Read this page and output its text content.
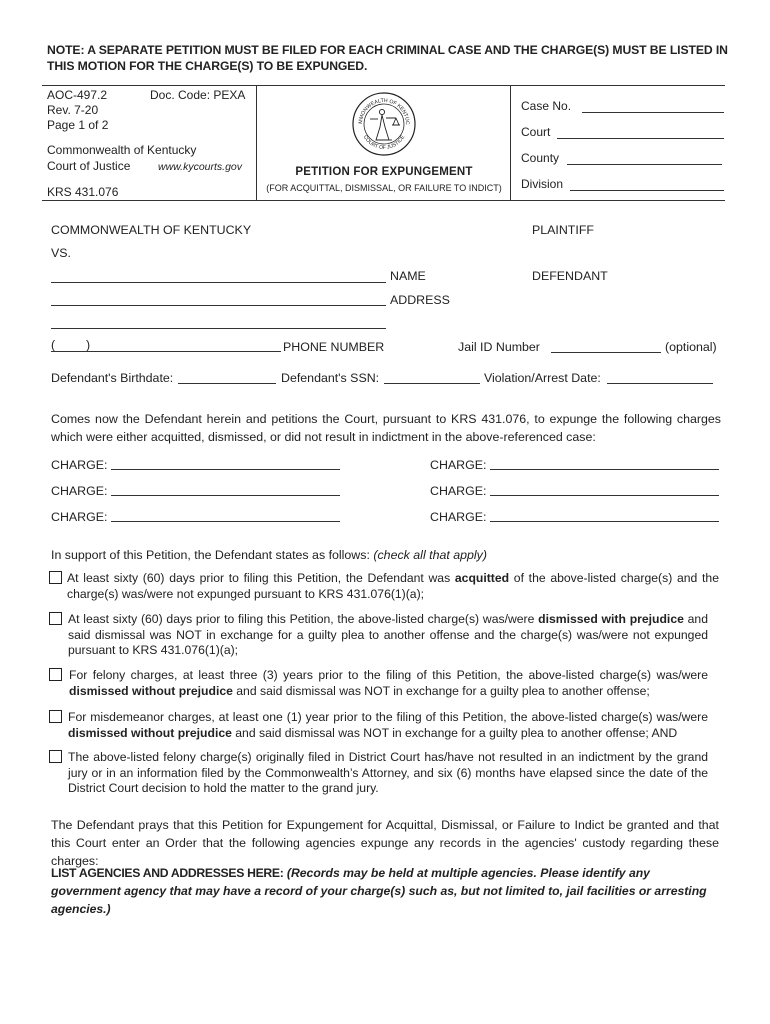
NOTE: A SEPARATE PETITION MUST BE FILED FOR EACH CRIMINAL CASE AND THE CHARGE(S) MUST BE LISTED IN THIS MOTION FOR THE CHARGE(S) TO BE EXPUNGED.
AOC-497.2	Doc. Code: PEXA
Rev. 7-20
Page 1 of 2
Commonwealth of Kentucky
Court of Justice	www.kycourts.gov
KRS 431.076
MMONWEALTH OF KENTUC
COURT OF JUSTICE
PETITION FOR EXPUNGEMENT
(FOR ACQUITTAL, DISMISSAL, OR FAILURE TO INDICT)
Case No.
Court
County
Division
COMMONWEALTH OF KENTUCKY	PLAINTIFF
VS.
NAME	DEFENDANT
ADDRESS
( )	PHONE NUMBER	Jail ID Number	(optional)
Defendant's Birthdate:	Defendant's SSN:	Violation/Arrest Date:
Comes now the Defendant herein and petitions the Court, pursuant to KRS 431.076, to expunge the following charges which were either acquitted, dismissed, or did not result in indictment in the above-referenced case:
CHARGE:	CHARGE:
CHARGE:	CHARGE:
CHARGE:	CHARGE:
In support of this Petition, the Defendant states as follows: (check all that apply)
At least sixty (60) days prior to filing this Petition, the Defendant was acquitted of the above-listed charge(s) and the charge(s) was/were not expunged pursuant to KRS 431.076(1)(a);
At least sixty (60) days prior to filing this Petition, the above-listed charge(s) was/were dismissed with prejudice and said dismissal was NOT in exchange for a guilty plea to another offense and the charge(s) was/were not expunged pursuant to KRS 431.076(1)(a);
For felony charges, at least three (3) years prior to the filing of this Petition, the above-listed charge(s) was/were dismissed without prejudice and said dismissal was NOT in exchange for a guilty plea to another offense;
For misdemeanor charges, at least one (1) year prior to the filing of this Petition, the above-listed charge(s) was/were dismissed without prejudice and said dismissal was NOT in exchange for a guilty plea to another offense; AND
The above-listed felony charge(s) originally filed in District Court has/have not resulted in an indictment by the grand jury or in an information filed by the Commonwealth’s Attorney, and six (6) months have elapsed since the date of the District Court decision to hold the matter to the grand jury.
The Defendant prays that this Petition for Expungement for Acquittal, Dismissal, or Failure to Indict be granted and that this Court enter an Order that the following agencies expunge any records in the agencies' custody regarding these charges:
LIST AGENCIES AND ADDRESSES HERE: (Records may be held at multiple agencies. Please identify any government agency that may have a record of your charge(s) such as, but not limited to, jail facilities or arresting agencies.)
